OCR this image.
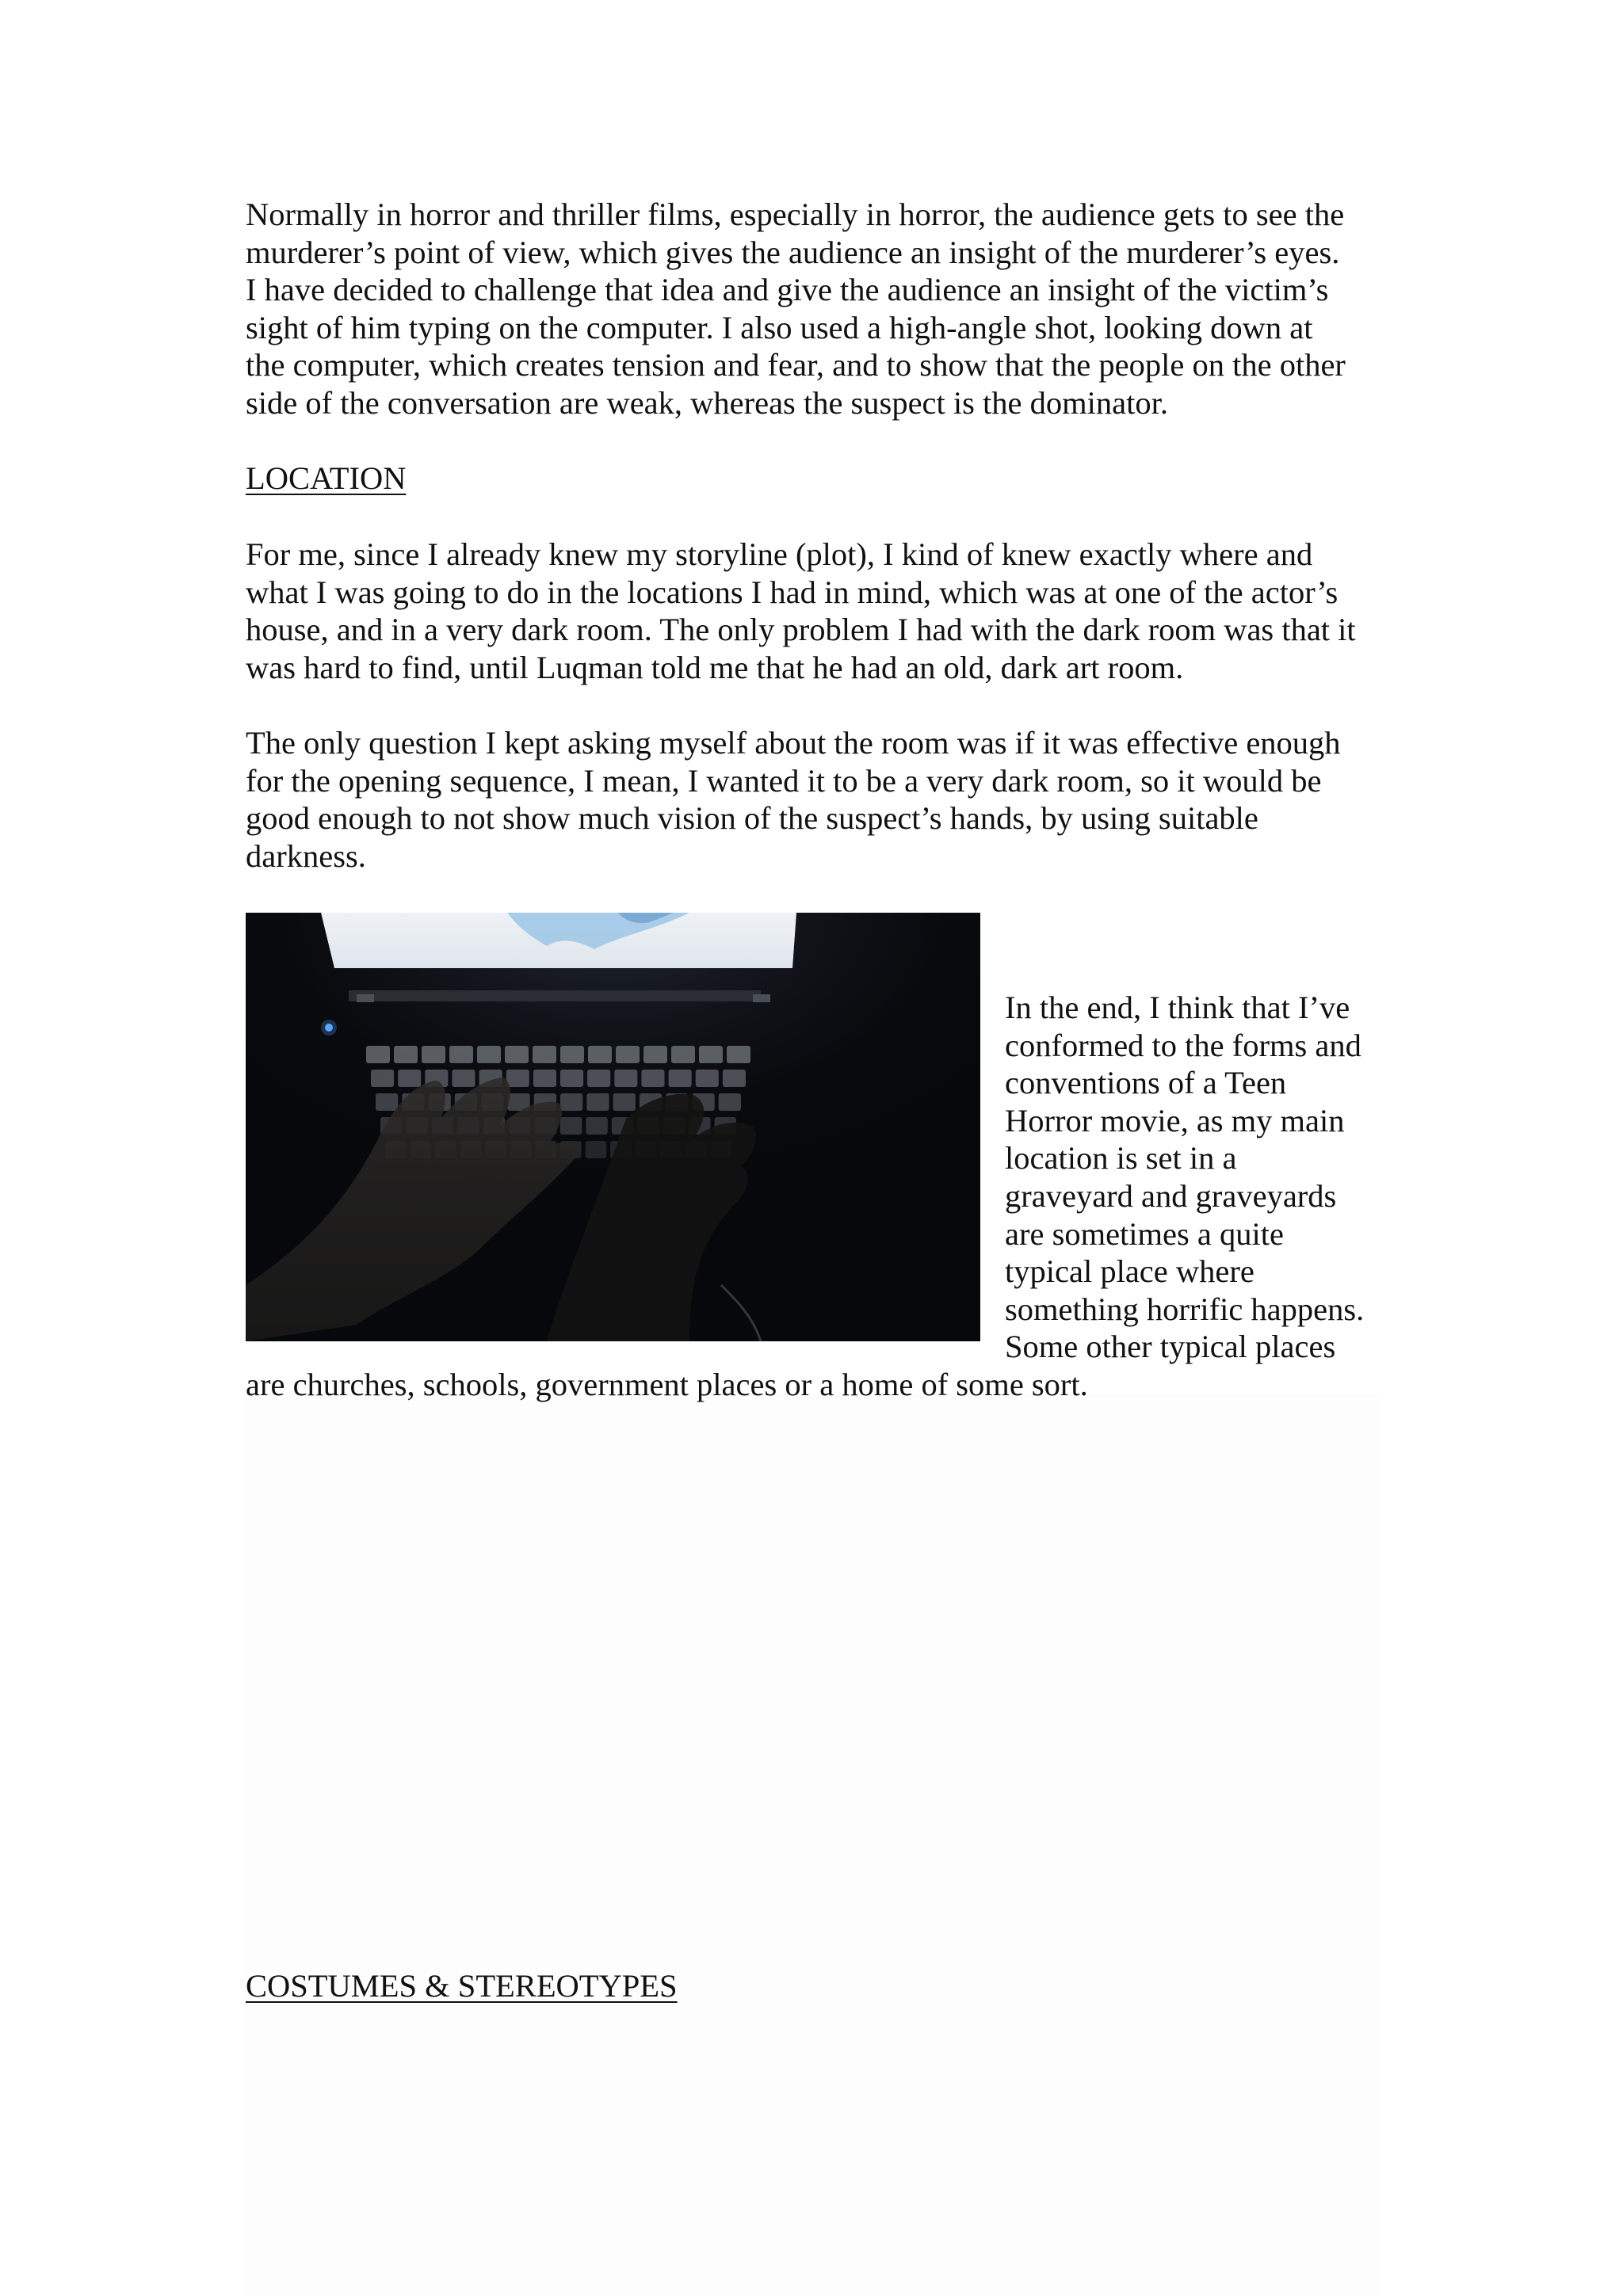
Normally in horror and thriller films, especially in horror, the audience gets to see the
murderer’s point of view, which gives the audience an insight of the murderer’s eyes.
I have decided to challenge that idea and give the audience an insight of the victim’s
sight of him typing on the computer. I also used a high-angle shot, looking down at
the computer, which creates tension and fear, and to show that the people on the other
side of the conversation are weak, whereas the suspect is the dominator.
LOCATION
For me, since I already knew my storyline (plot), I kind of knew exactly where and
what I was going to do in the locations I had in mind, which was at one of the actor’s
house, and in a very dark room. The only problem I had with the dark room was that it
was hard to find, until Luqman told me that he had an old, dark art room.
The only question I kept asking myself about the room was if it was effective enough
for the opening sequence, I mean, I wanted it to be a very dark room, so it would be
good enough to not show much vision of the suspect’s hands, by using suitable
darkness.

In the end, I think that I’ve
conformed to the forms and
conventions of a Teen
Horror movie, as my main
location is set in a
graveyard and graveyards
are sometimes a quite
typical place where
something horrific happens.
Some other typical places

are churches, schools, government places or a home of some sort.

COSTUMES & STEREOTYPES
